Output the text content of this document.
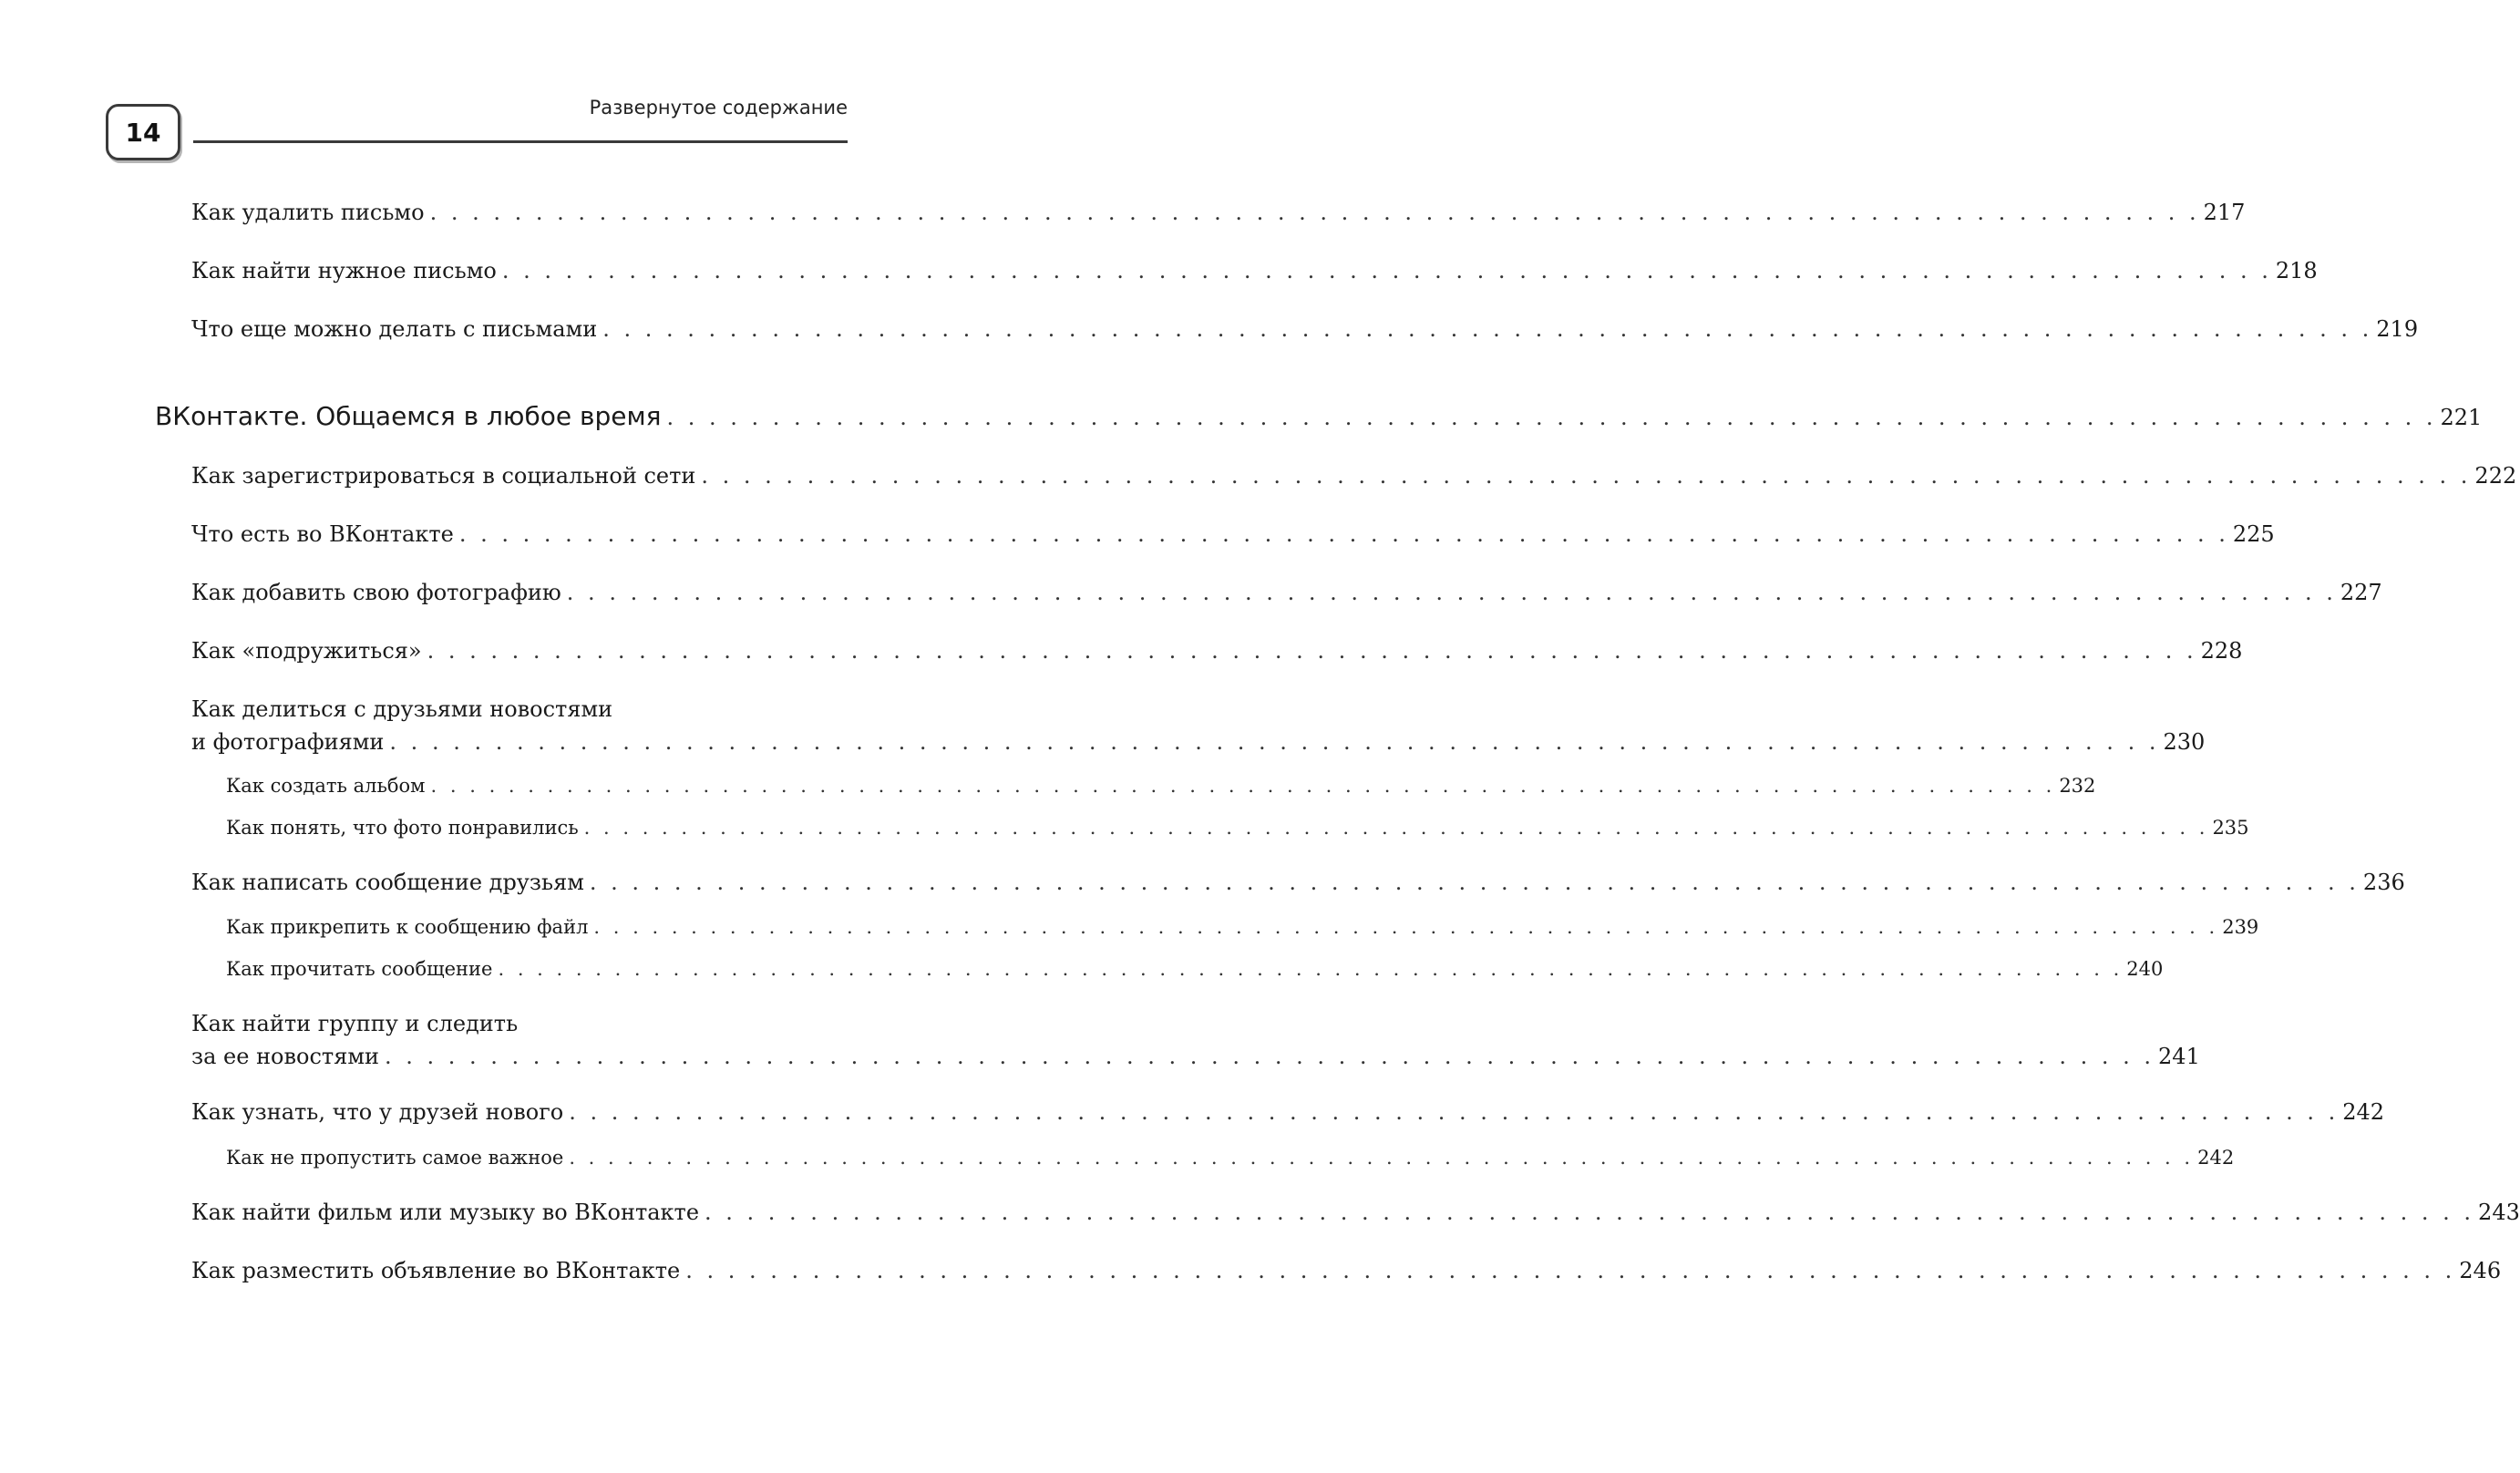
14
Развернутое содержание
Как удалить письмо . . .	217
Как найти нужное письмо . . .	218
Что еще можно делать с письмами . . .	219
ВКонтакте. Общаемся в любое время . . .	221
Как зарегистрироваться в социальной сети . . .	222
Что есть во ВКонтакте . . .	225
Как добавить свою фотографию . . .	227
Как «подружиться» . . .	228
Как делиться с друзьями новостями
и фотографиями . . .	230
Как создать альбом . . .	232
Как понять, что фото понравились . . .	235
Как написать сообщение друзьям . . .	236
Как прикрепить к сообщению файл . . .	239
Как прочитать сообщение . . .	240
Как найти группу и следить
за ее новостями . . .	241
Как узнать, что у друзей нового . . .	242
Как не пропустить самое важное . . .	242
Как найти фильм или музыку во ВКонтакте . . .	243
Как разместить объявление во ВКонтакте . . .	246
